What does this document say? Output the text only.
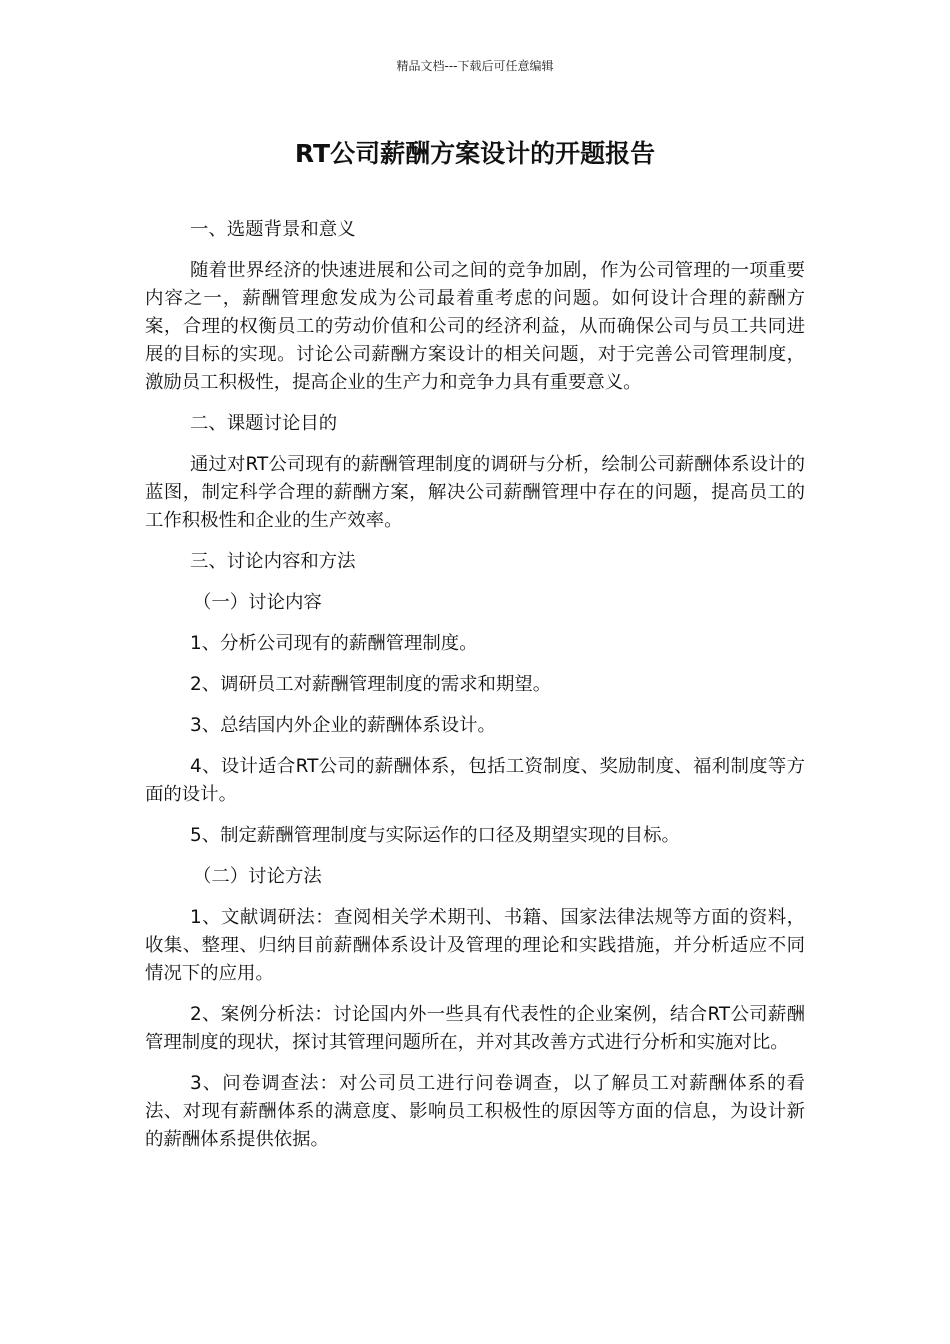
精品文档---下载后可任意编辑
RT公司薪酬方案设计的开题报告

一、选题背景和意义

随着世界经济的快速进展和公司之间的竞争加剧，作为公司管理的一项重要内容之一，薪酬管理愈发成为公司最着重考虑的问题。如何设计合理的薪酬方案，合理的权衡员工的劳动价值和公司的经济利益，从而确保公司与员工共同进展的目标的实现。讨论公司薪酬方案设计的相关问题，对于完善公司管理制度，激励员工积极性，提高企业的生产力和竞争力具有重要意义。

二、课题讨论目的

通过对RT公司现有的薪酬管理制度的调研与分析，绘制公司薪酬体系设计的蓝图，制定科学合理的薪酬方案，解决公司薪酬管理中存在的问题，提高员工的工作积极性和企业的生产效率。

三、讨论内容和方法

（一）讨论内容

1、分析公司现有的薪酬管理制度。

2、调研员工对薪酬管理制度的需求和期望。

3、总结国内外企业的薪酬体系设计。

4、设计适合RT公司的薪酬体系，包括工资制度、奖励制度、福利制度等方面的设计。

5、制定薪酬管理制度与实际运作的口径及期望实现的目标。

（二）讨论方法

1、文献调研法：查阅相关学术期刊、书籍、国家法律法规等方面的资料，收集、整理、归纳目前薪酬体系设计及管理的理论和实践措施，并分析适应不同情况下的应用。

2、案例分析法：讨论国内外一些具有代表性的企业案例，结合RT公司薪酬管理制度的现状，探讨其管理问题所在，并对其改善方式进行分析和实施对比。

3、问卷调查法：对公司员工进行问卷调查，以了解员工对薪酬体系的看法、对现有薪酬体系的满意度、影响员工积极性的原因等方面的信息，为设计新的薪酬体系提供依据。
